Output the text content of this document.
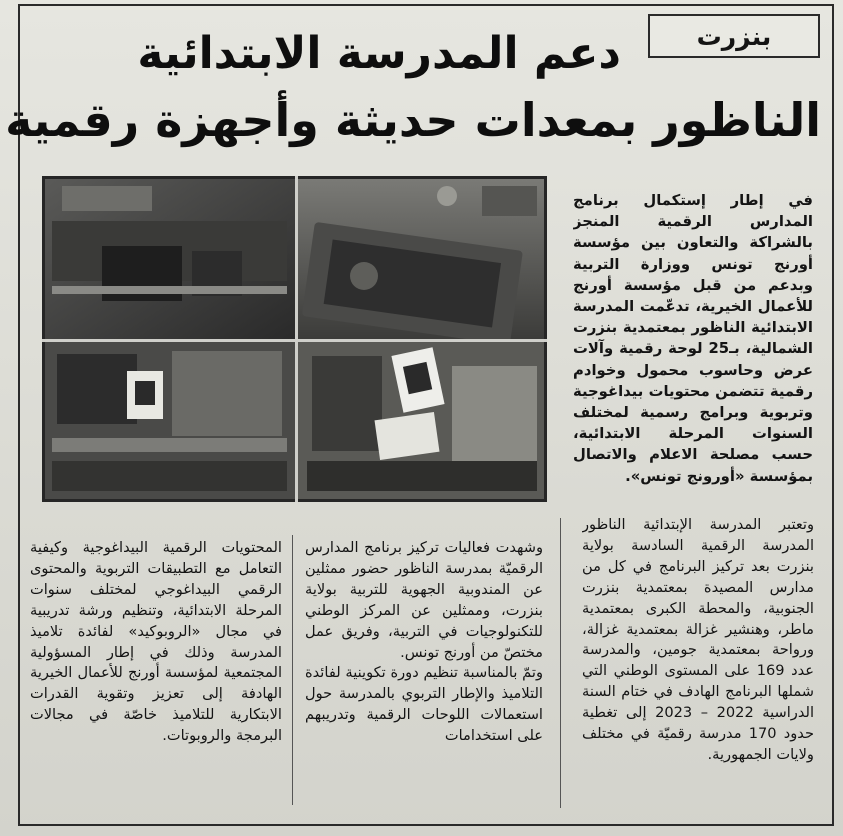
بنزرت
دعم المدرسة الابتدائية
الناظور بمعدات حديثة وأجهزة رقمية
في إطار إستكمال برنامج المدارس الرقمية المنجز بالشراكة والتعاون بين مؤسسة أورنج تونس ووزارة التربية وبدعم من قبل مؤسسة أورنج للأعمال الخيرية، تدعّمت المدرسة الابتدائية الناظور بمعتمدية بنزرت الشمالية، بـ25 لوحة رقمية وآلات عرض وحاسوب محمول وخوادم رقمية تتضمن محتويات بيداغوجية وتربوية وبرامج رسمية لمختلف السنوات المرحلة الابتدائية، حسب مصلحة الاعلام والاتصال بمؤسسة «أورونج تونس».
وتعتبر المدرسة الإبتدائية الناظور المدرسة الرقمية السادسة بولاية بنزرت بعد تركيز البرنامج في كل من مدارس المصيدة بمعتمدية بنزرت الجنوبية، والمحطة الكبرى بمعتمدية ماطر، وهنشير غزالة بمعتمدية غزالة، ورواحة بمعتمدية جومين، والمدرسة عدد 169 على المستوى الوطني التي شملها البرنامج الهادف في ختام السنة الدراسية 2022 – 2023 إلى تغطية حدود 170 مدرسة رقميّة في مختلف ولايات الجمهورية.
وشهدت فعاليات تركيز برنامج المدارس الرقميّة بمدرسة الناظور حضور ممثلين عن المندوبية الجهوية للتربية بولاية بنزرت، وممثلين عن المركز الوطني للتكنولوجيات في التربية، وفريق عمل مختصّ من أورنج تونس.
وتمّ بالمناسبة تنظيم دورة تكوينية لفائدة التلاميذ والإطار التربوي بالمدرسة حول استعمالات اللوحات الرقمية وتدريبهم على استخدامات
المحتويات الرقمية البيداغوجية وكيفية التعامل مع التطبيقات التربوية والمحتوى الرقمي البيداغوجي لمختلف سنوات المرحلة الابتدائية، وتنظيم ورشة تدريبية في مجال «الروبوكيد» لفائدة تلاميذ المدرسة وذلك في إطار المسؤولية المجتمعية لمؤسسة أورنج للأعمال الخيرية الهادفة إلى تعزيز وتقوية القدرات الابتكارية للتلاميذ خاصّة في مجالات البرمجة والروبوتات.
